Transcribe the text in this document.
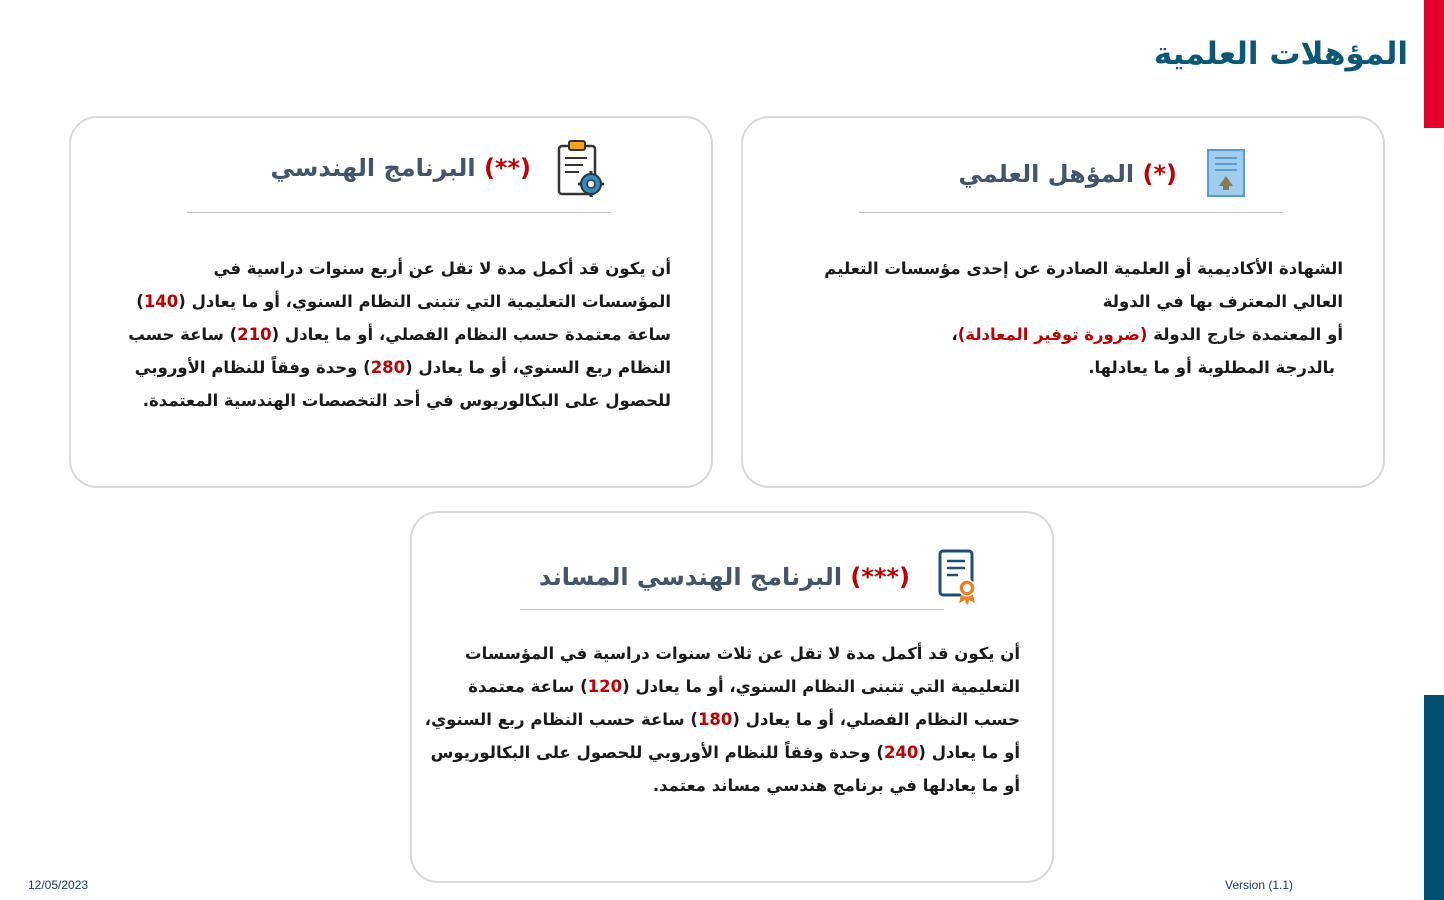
المؤهلات العلمية
(*) المؤهل العلمي
الشهادة الأكاديمية أو العلمية الصادرة عن إحدى مؤسسات التعليم
العالي المعترف بها في الدولة
أو المعتمدة خارج الدولة (ضرورة توفير المعادلة)،
بالدرجة المطلوبة أو ما يعادلها.
(**) البرنامج الهندسي
أن يكون قد أكمل مدة لا تقل عن أربع سنوات دراسية في المؤسسات التعليمية التي تتبنى النظام السنوي، أو ما يعادل (140) ساعة معتمدة حسب النظام الفصلي، أو ما يعادل (210) ساعة حسب النظام ربع السنوي، أو ما يعادل (280) وحدة وفقاً للنظام الأوروبي للحصول على البكالوريوس في أحد التخصصات الهندسية المعتمدة.
(***) البرنامج الهندسي المساند
أن يكون قد أكمل مدة لا تقل عن ثلاث سنوات دراسية في المؤسسات التعليمية التي تتبنى النظام السنوي، أو ما يعادل (120) ساعة معتمدة حسب النظام الفصلي، أو ما يعادل (180) ساعة حسب النظام ربع السنوي، أو ما يعادل (240) وحدة وفقاً للنظام الأوروبي للحصول على البكالوريوس أو ما يعادلها في برنامج هندسي مساند معتمد.
12/05/2023	Version (1.1)
